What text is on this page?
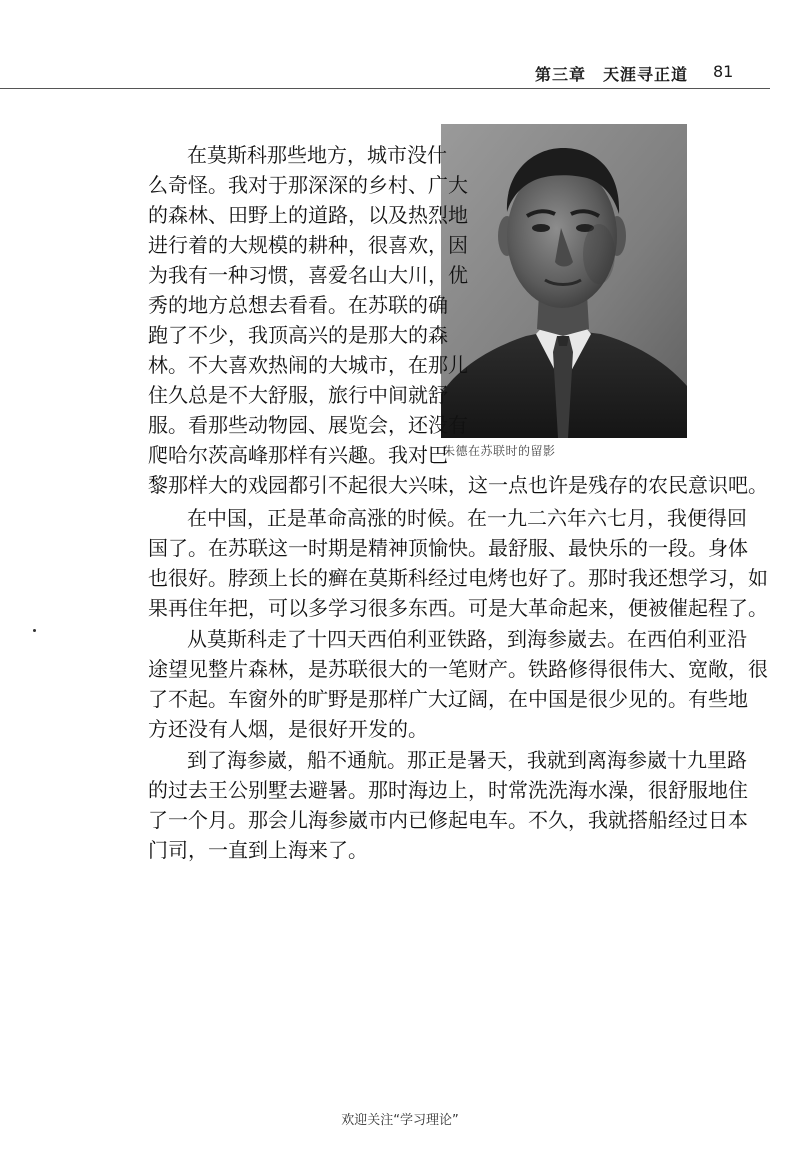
第三章　天涯寻正道 81
朱德在苏联时的留影
在莫斯科那些地方，城市没什
么奇怪。我对于那深深的乡村、广大
的森林、田野上的道路，以及热烈地
进行着的大规模的耕种，很喜欢，因
为我有一种习惯，喜爱名山大川，优
秀的地方总想去看看。在苏联的确
跑了不少，我顶高兴的是那大的森
林。不大喜欢热闹的大城市，在那儿
住久总是不大舒服，旅行中间就舒
服。看那些动物园、展览会，还没有
爬哈尔茨高峰那样有兴趣。我对巴
黎那样大的戏园都引不起很大兴味，这一点也许是残存的农民意识吧。
在中国，正是革命高涨的时候。在一九二六年六七月，我便得回
国了。在苏联这一时期是精神顶愉快。最舒服、最快乐的一段。身体
也很好。脖颈上长的癣在莫斯科经过电烤也好了。那时我还想学习，如
果再住年把，可以多学习很多东西。可是大革命起来，便被催起程了。
从莫斯科走了十四天西伯利亚铁路，到海参崴去。在西伯利亚沿
途望见整片森林，是苏联很大的一笔财产。铁路修得很伟大、宽敞，很
了不起。车窗外的旷野是那样广大辽阔，在中国是很少见的。有些地
方还没有人烟，是很好开发的。
到了海参崴，船不通航。那正是暑天，我就到离海参崴十九里路
的过去王公别墅去避暑。那时海边上，时常洗洗海水澡，很舒服地住
了一个月。那会儿海参崴市内已修起电车。不久，我就搭船经过日本
门司，一直到上海来了。
欢迎关注“学习理论”
